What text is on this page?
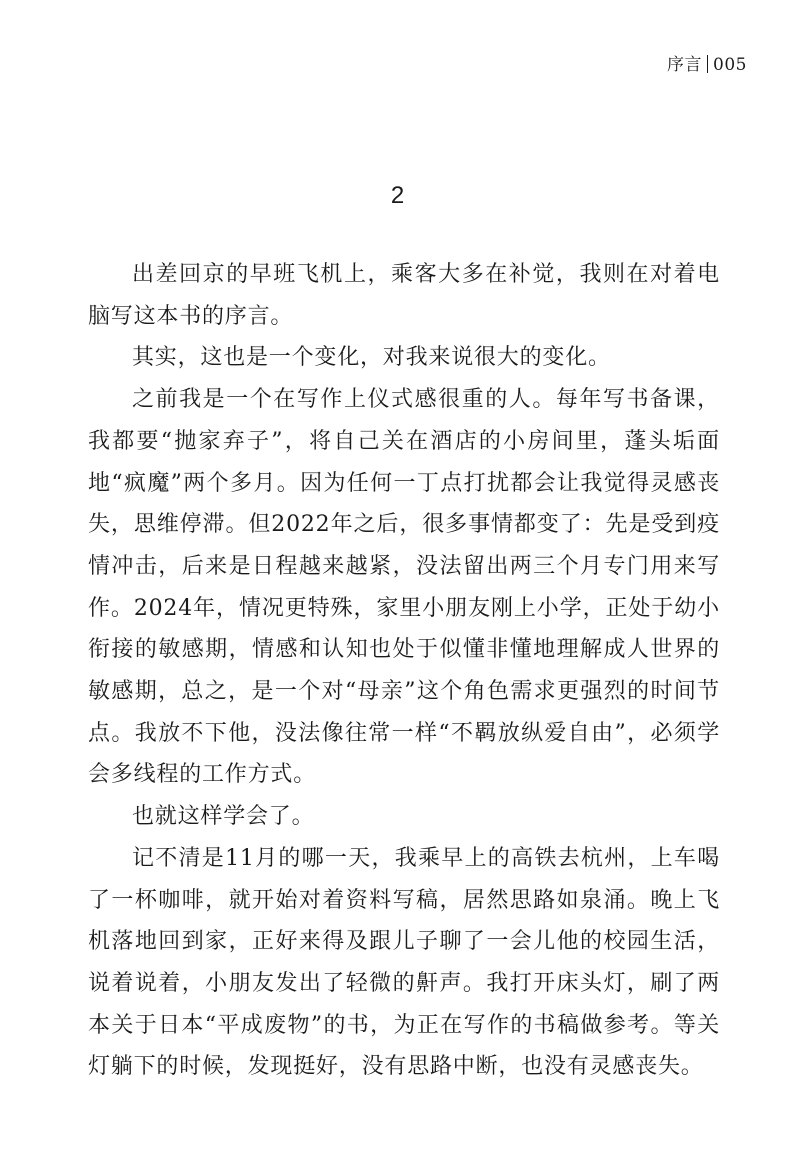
序言 005
2

出差回京的早班飞机上，乘客大多在补觉，我则在对着电脑写这本书的序言。

其实，这也是一个变化，对我来说很大的变化。

之前我是一个在写作上仪式感很重的人。每年写书备课，我都要“抛家弃子”，将自己关在酒店的小房间里，蓬头垢面地“疯魔”两个多月。因为任何一丁点打扰都会让我觉得灵感丧失，思维停滞。但2022年之后，很多事情都变了：先是受到疫情冲击，后来是日程越来越紧，没法留出两三个月专门用来写作。2024年，情况更特殊，家里小朋友刚上小学，正处于幼小衔接的敏感期，情感和认知也处于似懂非懂地理解成人世界的敏感期，总之，是一个对“母亲”这个角色需求更强烈的时间节点。我放不下他，没法像往常一样“不羁放纵爱自由”，必须学会多线程的工作方式。

也就这样学会了。

记不清是11月的哪一天，我乘早上的高铁去杭州，上车喝了一杯咖啡，就开始对着资料写稿，居然思路如泉涌。晚上飞机落地回到家，正好来得及跟儿子聊了一会儿他的校园生活，说着说着，小朋友发出了轻微的鼾声。我打开床头灯，刷了两本关于日本“平成废物”的书，为正在写作的书稿做参考。等关灯躺下的时候，发现挺好，没有思路中断，也没有灵感丧失。
